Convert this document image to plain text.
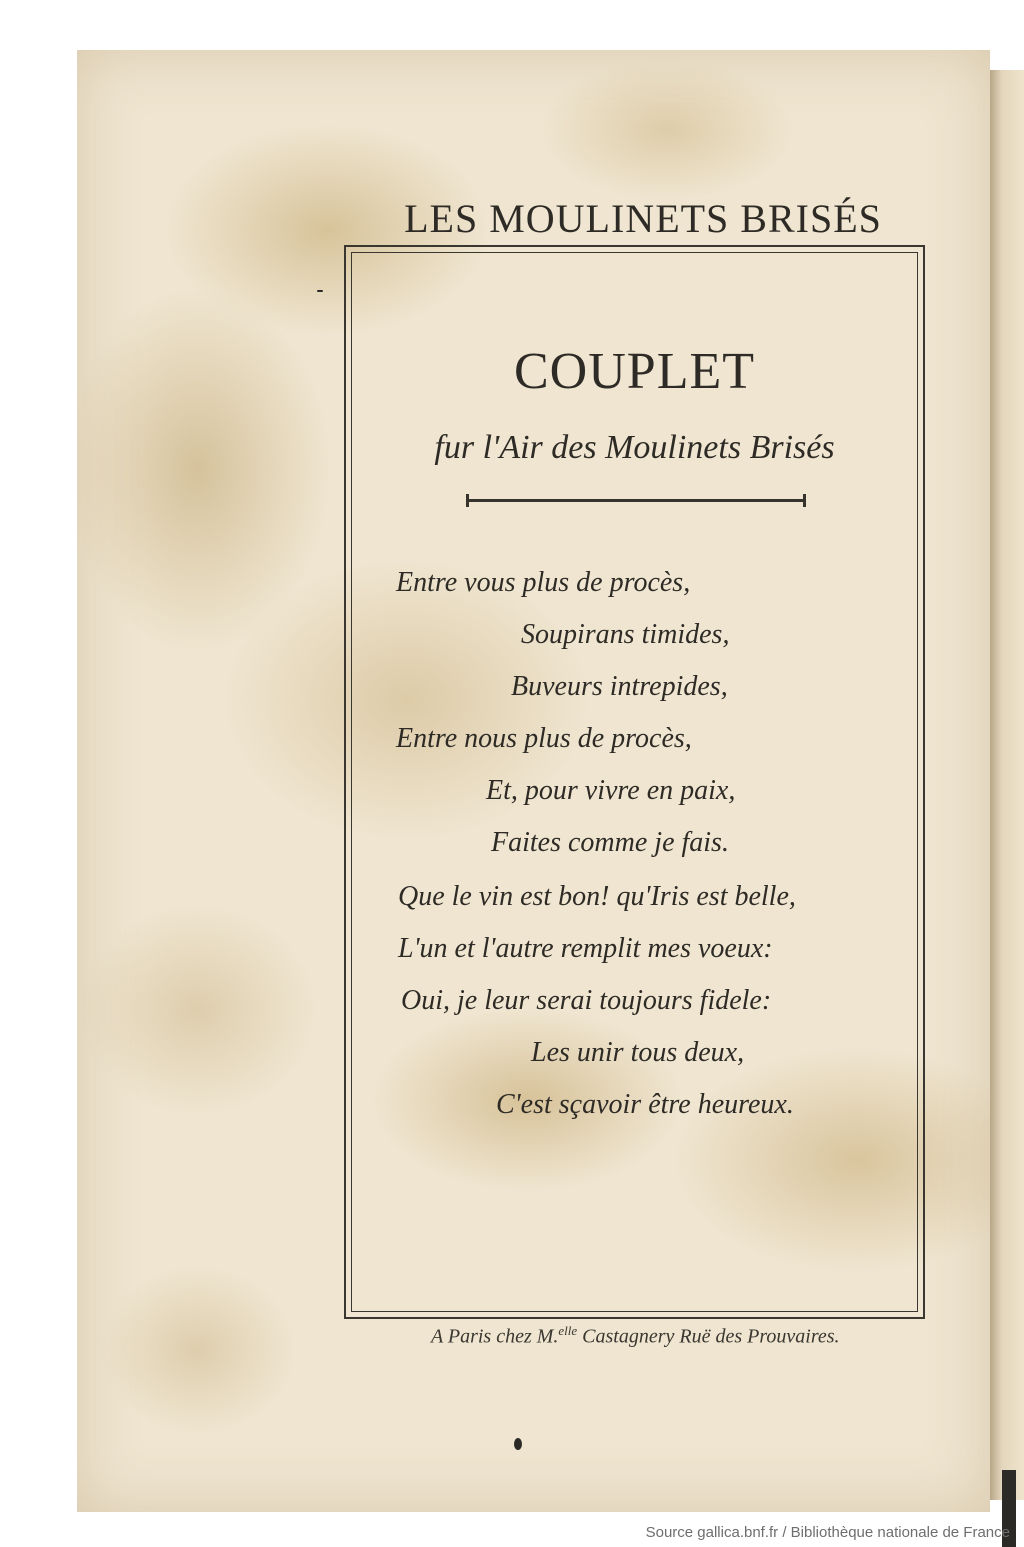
LES MOULINETS BRISÉS
COUPLET
fur l'Air des Moulinets Brisés
Entre vous plus de procès,
Soupirans timides,
Buveurs intrepides,
Entre nous plus de procès,
Et, pour vivre en paix,
Faites comme je fais.
Que le vin est bon! qu'Iris est belle,
L'un et l'autre remplit mes voeux:
Oui, je leur serai toujours fidele:
Les unir tous deux,
C'est sçavoir être heureux.
A Paris chez M.$^{elle}$ Castagnery Ruë des Prouvaires.
Source gallica.bnf.fr / Bibliothèque nationale de France
